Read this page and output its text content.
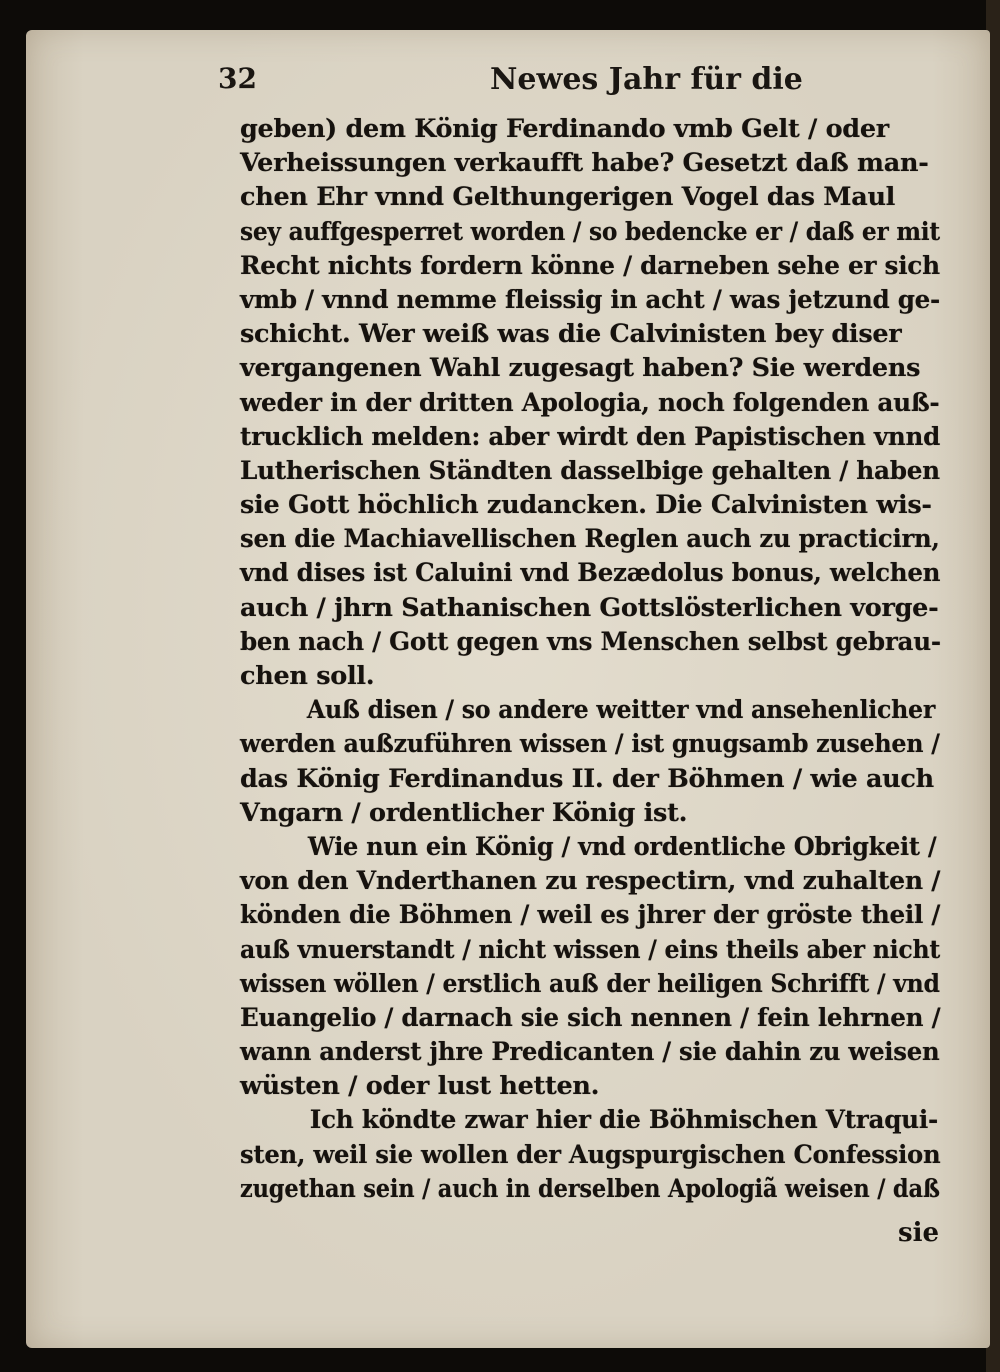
32	Newes Jahr für die
geben) dem König Ferdinando vmb Gelt / oder
Verheissungen verkaufft habe? Gesetzt daß man-
chen Ehr vnnd Gelthungerigen Vogel das Maul
sey auffgesperret worden / so bedencke er / daß er mit
Recht nichts fordern könne / darneben sehe er sich
vmb / vnnd nemme fleissig in acht / was jetzund ge-
schicht. Wer weiß was die Calvinisten bey diser
vergangenen Wahl zugesagt haben? Sie werdens
weder in der dritten Apologia, noch folgenden auß-
trucklich melden: aber wirdt den Papistischen vnnd
Lutherischen Ständten dasselbige gehalten / haben
sie Gott höchlich zudancken. Die Calvinisten wis-
sen die Machiavellischen Reglen auch zu practicirn,
vnd dises ist Caluini vnd Bezædolus bonus, welchen
auch / jhrn Sathanischen Gottslösterlichen vorge-
ben nach / Gott gegen vns Menschen selbst gebrau-
chen soll.
Auß disen / so andere weitter vnd ansehenlicher
werden außzuführen wissen / ist gnugsamb zusehen /
das König Ferdinandus II. der Böhmen / wie auch
Vngarn / ordentlicher König ist.
Wie nun ein König / vnd ordentliche Obrigkeit /
von den Vnderthanen zu respectirn, vnd zuhalten /
könden die Böhmen / weil es jhrer der gröste theil /
auß vnuerstandt / nicht wissen / eins theils aber nicht
wissen wöllen / erstlich auß der heiligen Schrifft / vnd
Euangelio / darnach sie sich nennen / fein lehrnen /
wann anderst jhre Predicanten / sie dahin zu weisen
wüsten / oder lust hetten.
Ich köndte zwar hier die Böhmischen Vtraqui-
sten, weil sie wollen der Augspurgischen Confession
zugethan sein / auch in derselben Apologiã weisen / daß
sie
